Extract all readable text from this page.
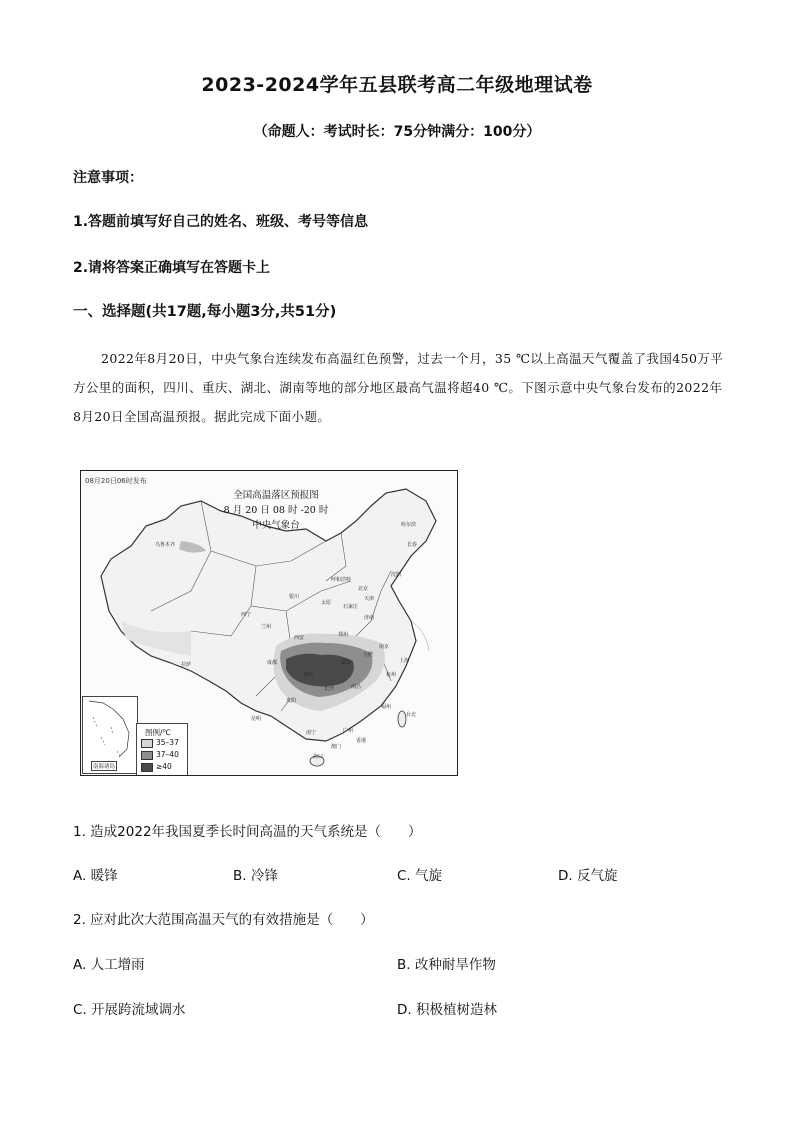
2023-2024学年五县联考高二年级地理试卷
（命题人：考试时长：75分钟满分：100分）
注意事项：
1.答题前填写好自己的姓名、班级、考号等信息
2.请将答案正确填写在答题卡上
一、选择题(共17题,每小题3分,共51分)
2022年8月20日，中央气象台连续发布高温红色预警，过去一个月，35 ℃以上高温天气覆盖了我国450万平方公里的面积，四川、重庆、湖北、湖南等地的部分地区最高气温将超40 ℃。下图示意中央气象台发布的2022年8月20日全国高温预报。据此完成下面小题。
08月20日06时发布
全国高温落区预报图
8 月 20 日 08 时 -20 时
中央气象台
乌鲁木齐
哈尔滨
长春
呼和浩特
沈阳
北京
天津
银川
太原
石家庄
济南
西宁
兰州
郑州
西安
南京
合肥
上海
拉萨	成都	武汉
杭州
重庆
长沙	南昌
贵阳
福州
昆明
台北
广州
南宁
香港
澳门
海口
南海诸岛
图例/℃
35–37
37–40
≥40
1. 造成2022年我国夏季长时间高温的天气系统是（　　）
A. 暖锋	B. 冷锋	C. 气旋	D. 反气旋
2. 应对此次大范围高温天气的有效措施是（　　）
A. 人工增雨	B. 改种耐旱作物
C. 开展跨流域调水	D. 积极植树造林
